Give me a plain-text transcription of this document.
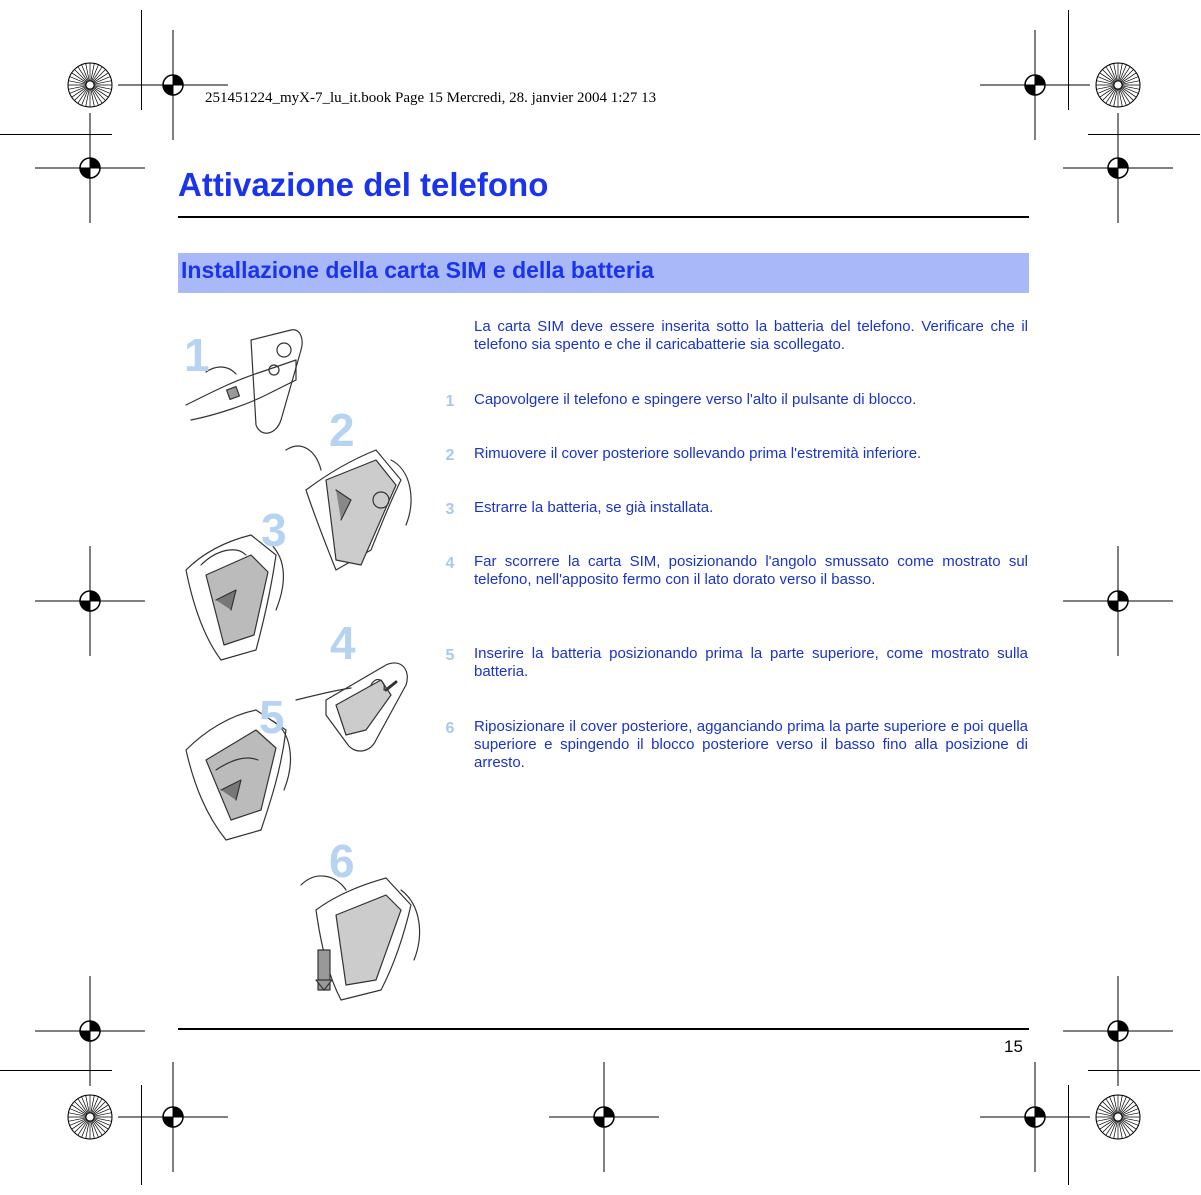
251451224_myX-7_lu_it.book Page 15 Mercredi, 28. janvier 2004 1:27 13
Attivazione del telefono
Installazione della carta SIM e della batteria
1
2
3
4
5
6

La carta SIM deve essere inserita sotto la batteria del telefono. Verificare che il telefono sia spento e che il caricabatterie sia scollegato.

1	Capovolgere il telefono e spingere verso l'alto il pulsante di blocco.

2	Rimuovere il cover posteriore sollevando prima l'estremità inferiore.

3	Estrarre la batteria, se già installata.

4	Far scorrere la carta SIM, posizionando l'angolo smussato come mostrato sul telefono, nell'apposito fermo con il lato dorato verso il basso.

5	Inserire la batteria posizionando prima la parte superiore, come mostrato sulla batteria.

6	Riposizionare il cover posteriore, agganciando prima la parte superiore e poi quella superiore e spingendo il blocco posteriore verso il basso fino alla posizione di arresto.

15
